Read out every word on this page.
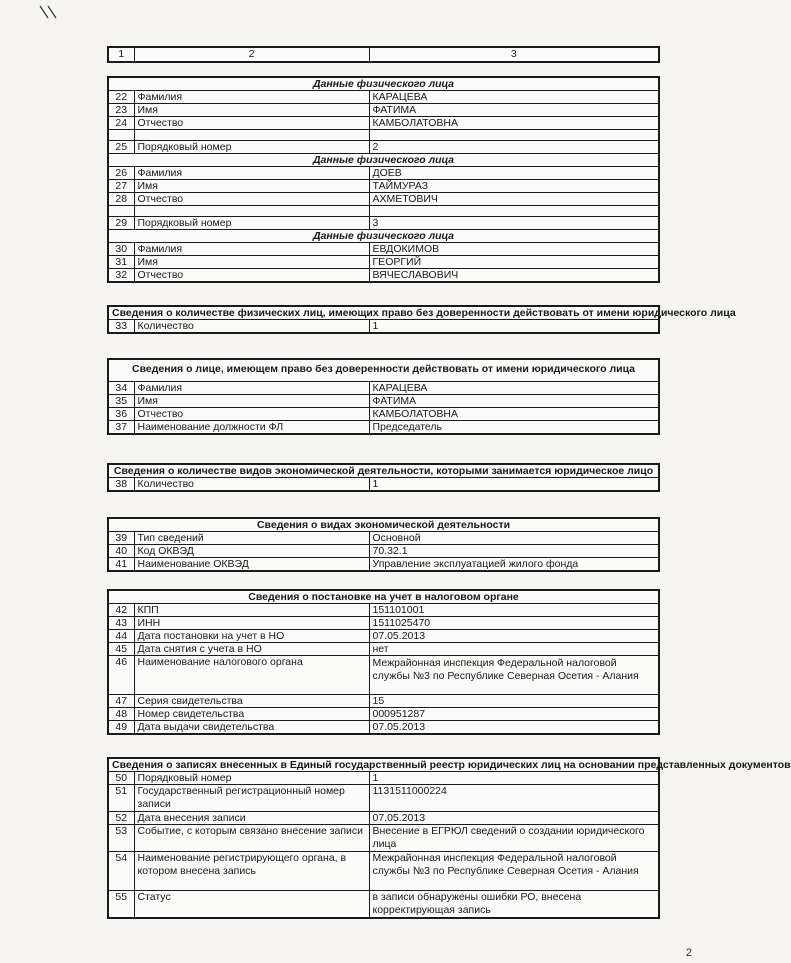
1	2	3
Данные физического лица		
22	Фамилия	КАРАЦЕВА
23	Имя	ФАТИМА
24	Отчество	КАМБОЛАТОВНА

25	Порядковый номер	2
Данные физического лица		
26	Фамилия	ДОЕВ
27	Имя	ТАЙМУРАЗ
28	Отчество	АХМЕТОВИЧ

29	Порядковый номер	3
Данные физического лица		
30	Фамилия	ЕВДОКИМОВ
31	Имя	ГЕОРГИЙ
32	Отчество	ВЯЧЕСЛАВОВИЧ
Сведения о количестве физических лиц, имеющих право без доверенности действовать от имени юридического лица
33	Количество	1
Сведения о лице, имеющем право без доверенности действовать от имени юридического лица		
34	Фамилия	КАРАЦЕВА
35	Имя	ФАТИМА
36	Отчество	КАМБОЛАТОВНА
37	Наименование должности ФЛ	Председатель
Сведения о количестве видов экономической деятельности, которыми занимается юридическое лицо
38	Количество	1
Сведения о видах экономической деятельности		
39	Тип сведений	Основной
40	Код ОКВЭД	70.32.1
41	Наименование ОКВЭД	Управление эксплуатацией жилого фонда
Сведения о постановке на учет в налоговом органе		
42	КПП	151101001
43	ИНН	1511025470
44	Дата постановки на учет в НО	07.05.2013
45	Дата снятия с учета в НО	нет
46	Наименование налогового органа	Межрайонная инспекция Федеральной налоговой службы №3 по Республике Северная Осетия - Алания
47	Серия свидетельства	15
48	Номер свидетельства	000951287
49	Дата выдачи свидетельства	07.05.2013
Сведения о записях внесенных в Единый государственный реестр юридических лиц на основании представленных документов		
50	Порядковый номер	1
51	Государственный регистрационный номер записи	1131511000224
52	Дата внесения записи	07.05.2013
53	Событие, с которым связано внесение записи	Внесение в ЕГРЮЛ сведений о создании юридического лица
54	Наименование регистрирующего органа, в котором внесена запись	Межрайонная инспекция Федеральной налоговой службы №3 по Республике Северная Осетия - Алания
55	Статус	в записи обнаружены ошибки РО, внесена корректирующая запись
2
